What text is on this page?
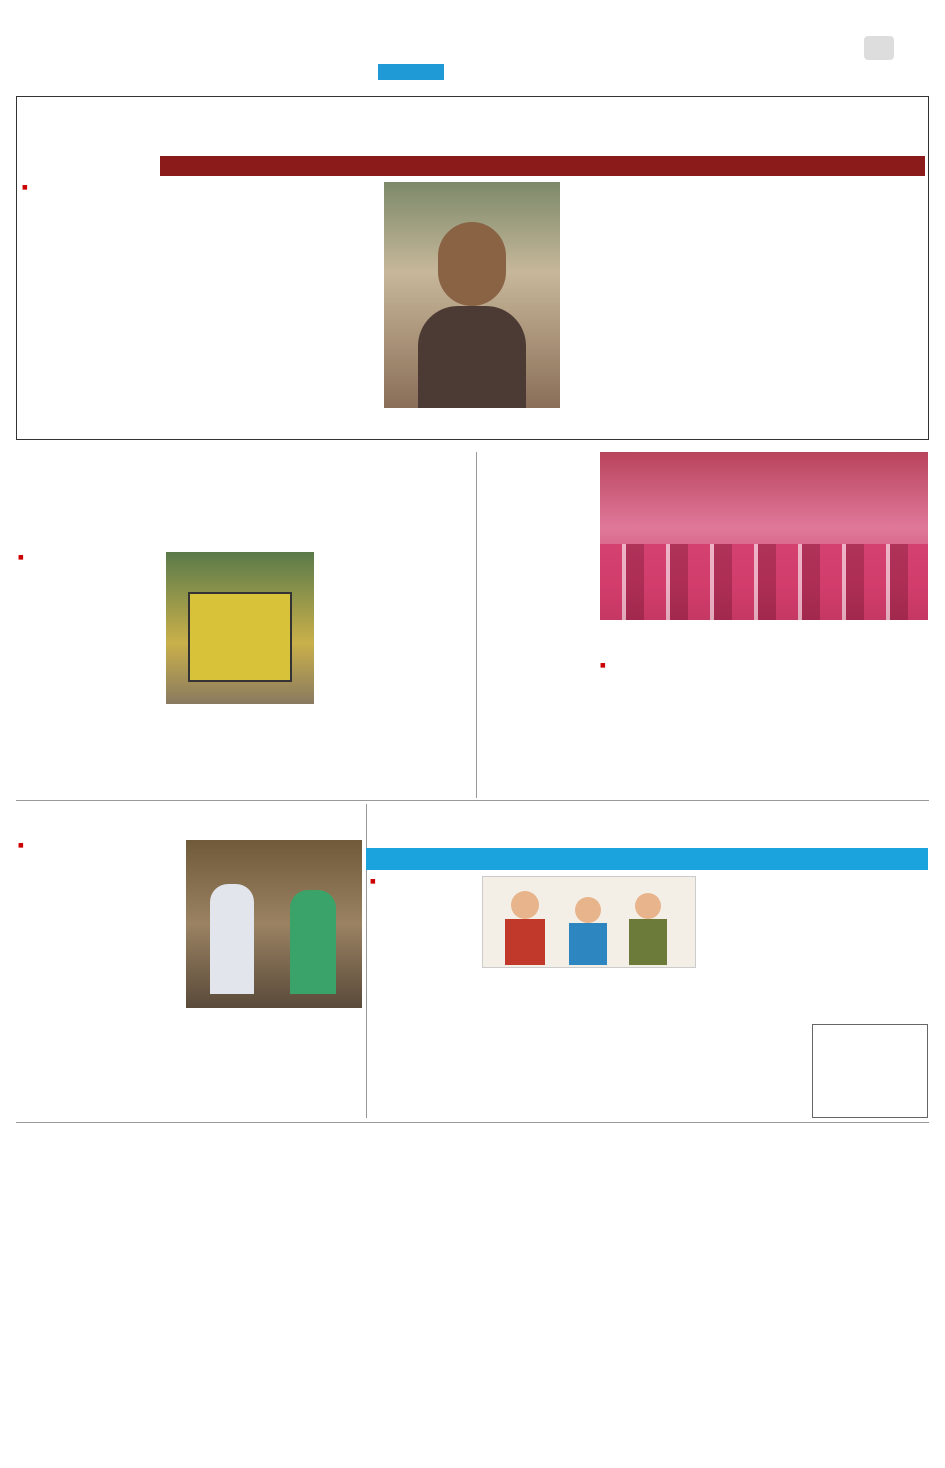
■

■

■

■

■
